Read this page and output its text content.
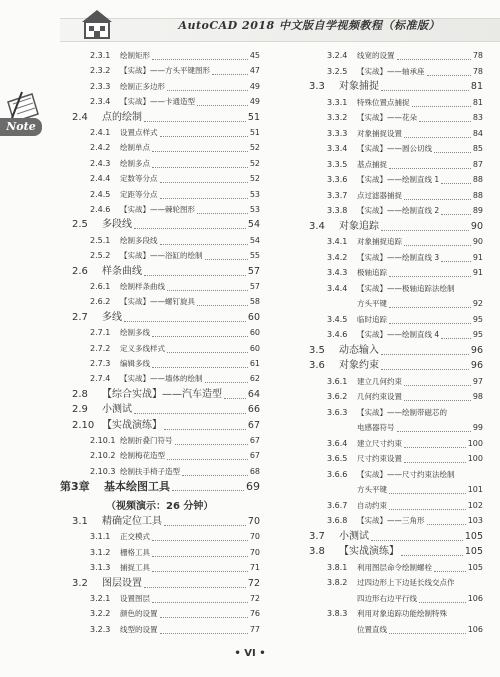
AutoCAD 2018 中文版自学视频教程（标准版）
Note
2.3.1	绘制矩形	45
2.3.2	【实战】——方头平键图形	47
2.3.3	绘制正多边形	49
2.3.4	【实战】——卡通造型	49
2.4	点的绘制	51
2.4.1	设置点样式	51
2.4.2	绘制单点	52
2.4.3	绘制多点	52
2.4.4	定数等分点	52
2.4.5	定距等分点	53
2.4.6	【实战】——棘轮图形	53
2.5	多段线	54
2.5.1	绘制多段线	54
2.5.2	【实战】——浴缸的绘制	55
2.6	样条曲线	57
2.6.1	绘制样条曲线	57
2.6.2	【实战】——螺钉旋具	58
2.7	多线	60
2.7.1	绘制多线	60
2.7.2	定义多线样式	60
2.7.3	编辑多线	61
2.7.4	【实战】——墙体的绘制	62
2.8	【综合实战】——汽车造型	64
2.9	小测试	66
2.10 【实战演练】	67
2.10.1 绘制折叠门符号	67
2.10.2 绘制梅花造型	67
2.10.3 绘制扶手椅子造型	68
第3章	基本绘图工具	69
（视频演示：26 分钟）
3.1	精确定位工具	70
3.1.1	正交模式	70
3.1.2	栅格工具	70
3.1.3	捕捉工具	71
3.2	图层设置	72
3.2.1	设置图层	72
3.2.2	颜色的设置	76
3.2.3	线型的设置	77
3.2.4	线宽的设置	78
3.2.5	【实战】——轴承座	78
3.3	对象捕捉	81
3.3.1	特殊位置点捕捉	81
3.3.2	【实战】——花朵	83
3.3.3	对象捕捉设置	84
3.3.4	【实战】——圆公切线	85
3.3.5	基点捕捉	87
3.3.6	【实战】——绘制直线 1	88
3.3.7	点过滤器捕捉	88
3.3.8	【实战】——绘制直线 2	89
3.4	对象追踪	90
3.4.1	对象捕捉追踪	90
3.4.2	【实战】——绘制直线 3	91
3.4.3	极轴追踪	91
3.4.4	【实战】——极轴追踪法绘制
方头平键	92
3.4.5	临时追踪	95
3.4.6	【实战】——绘制直线 4	95
3.5	动态输入	96
3.6	对象约束	96
3.6.1	建立几何约束	97
3.6.2	几何约束设置	98
3.6.3	【实战】——绘制带磁芯的
电感器符号	99
3.6.4	建立尺寸约束	100
3.6.5	尺寸约束设置	100
3.6.6	【实战】——尺寸约束法绘制
方头平键	101
3.6.7	自动约束	102
3.6.8	【实战】——三角形	103
3.7	小测试	105
3.8	【实战演练】	105
3.8.1	利用图层命令绘制螺栓	105
3.8.2	过四边形上下边延长线交点作
四边形右边平行线	106
3.8.3	利用对象追踪功能绘制特殊
位置直线	106
• VI •
